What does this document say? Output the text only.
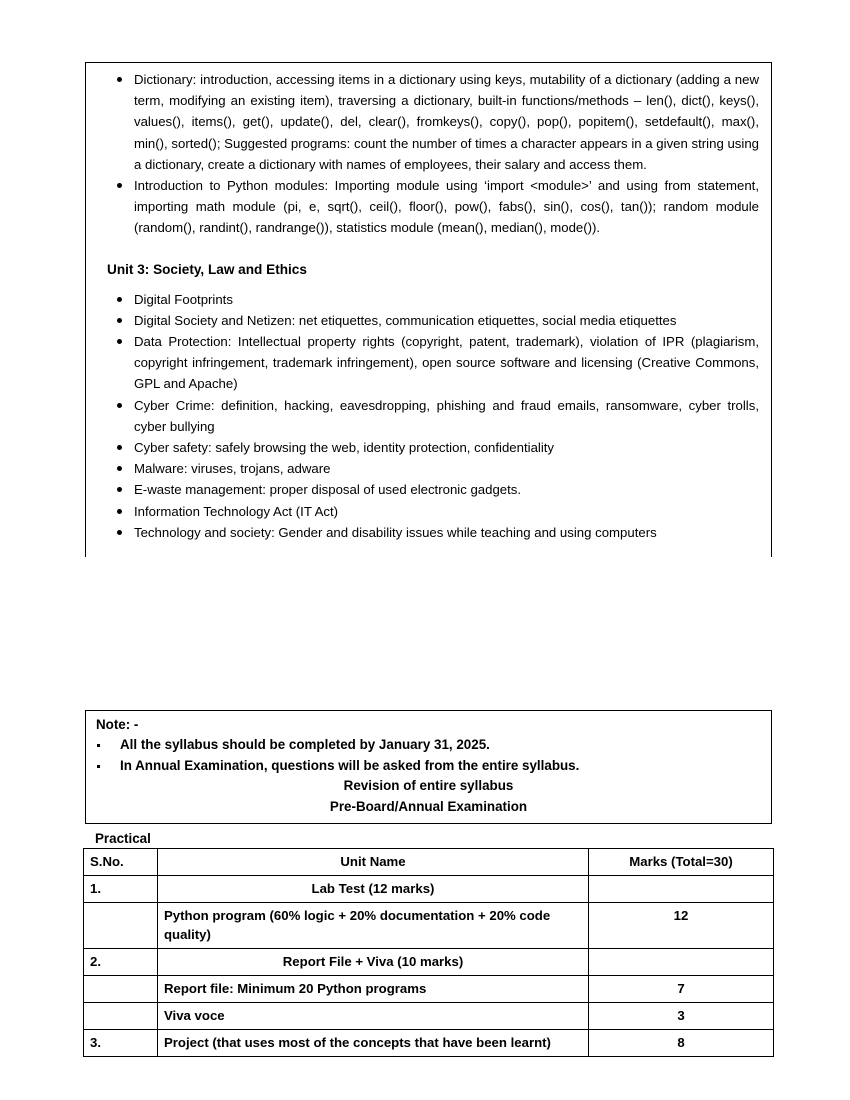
Dictionary: introduction, accessing items in a dictionary using keys, mutability of a dictionary (adding a new term, modifying an existing item), traversing a dictionary, built-in functions/methods – len(), dict(), keys(), values(), items(), get(), update(), del, clear(), fromkeys(), copy(), pop(), popitem(), setdefault(), max(), min(), sorted(); Suggested programs: count the number of times a character appears in a given string using a dictionary, create a dictionary with names of employees, their salary and access them.
Introduction to Python modules: Importing module using ‘import <module>’ and using from statement, importing math module (pi, e, sqrt(), ceil(), floor(), pow(), fabs(), sin(), cos(), tan()); random module (random(), randint(), randrange()), statistics module (mean(), median(), mode()).
Unit 3: Society, Law and Ethics
Digital Footprints
Digital Society and Netizen: net etiquettes, communication etiquettes, social media etiquettes
Data Protection: Intellectual property rights (copyright, patent, trademark), violation of IPR (plagiarism, copyright infringement, trademark infringement), open source software and licensing (Creative Commons, GPL and Apache)
Cyber Crime: definition, hacking, eavesdropping, phishing and fraud emails, ransomware, cyber trolls, cyber bullying
Cyber safety: safely browsing the web, identity protection, confidentiality
Malware: viruses, trojans, adware
E-waste management: proper disposal of used electronic gadgets.
Information Technology Act (IT Act)
Technology and society: Gender and disability issues while teaching and using computers
Note: -
All the syllabus should be completed by January 31, 2025.
In Annual Examination, questions will be asked from the entire syllabus.
Revision of entire syllabus
Pre-Board/Annual Examination
Practical
S.No.	Unit Name	Marks (Total=30)
1.	Lab Test (12 marks)	
	Python program (60% logic + 20% documentation + 20% code quality)	12
2.	Report File + Viva (10 marks)	
	Report file: Minimum 20 Python programs	7
	Viva voce	3
3.	Project (that uses most of the concepts that have been learnt)	8
